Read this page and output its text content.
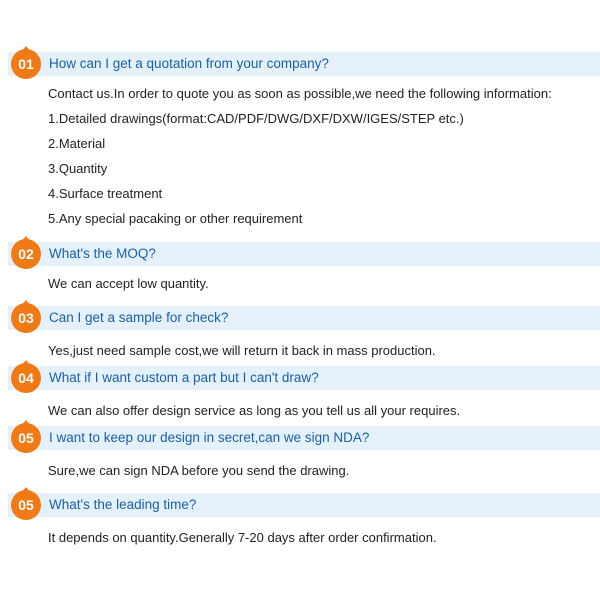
01 How can I get a quotation from your company?
Contact us.In order to quote you as soon as possible,we need the following information:
1.Detailed drawings(format:CAD/PDF/DWG/DXF/DXW/IGES/STEP etc.)
2.Material
3.Quantity
4.Surface treatment
5.Any special pacaking or other requirement
02 What's the MOQ?
We can accept low quantity.
03 Can I get a sample for check?
Yes,just need sample cost,we will return it back in mass production.
04 What if I want custom a part but I can't draw?
We can also offer design service as long as you tell us all your requires.
05 I want to keep our design in secret,can we sign NDA?
Sure,we can sign NDA before you send the drawing.
05 What's the leading time?
It depends on quantity.Generally 7-20 days after order confirmation.
